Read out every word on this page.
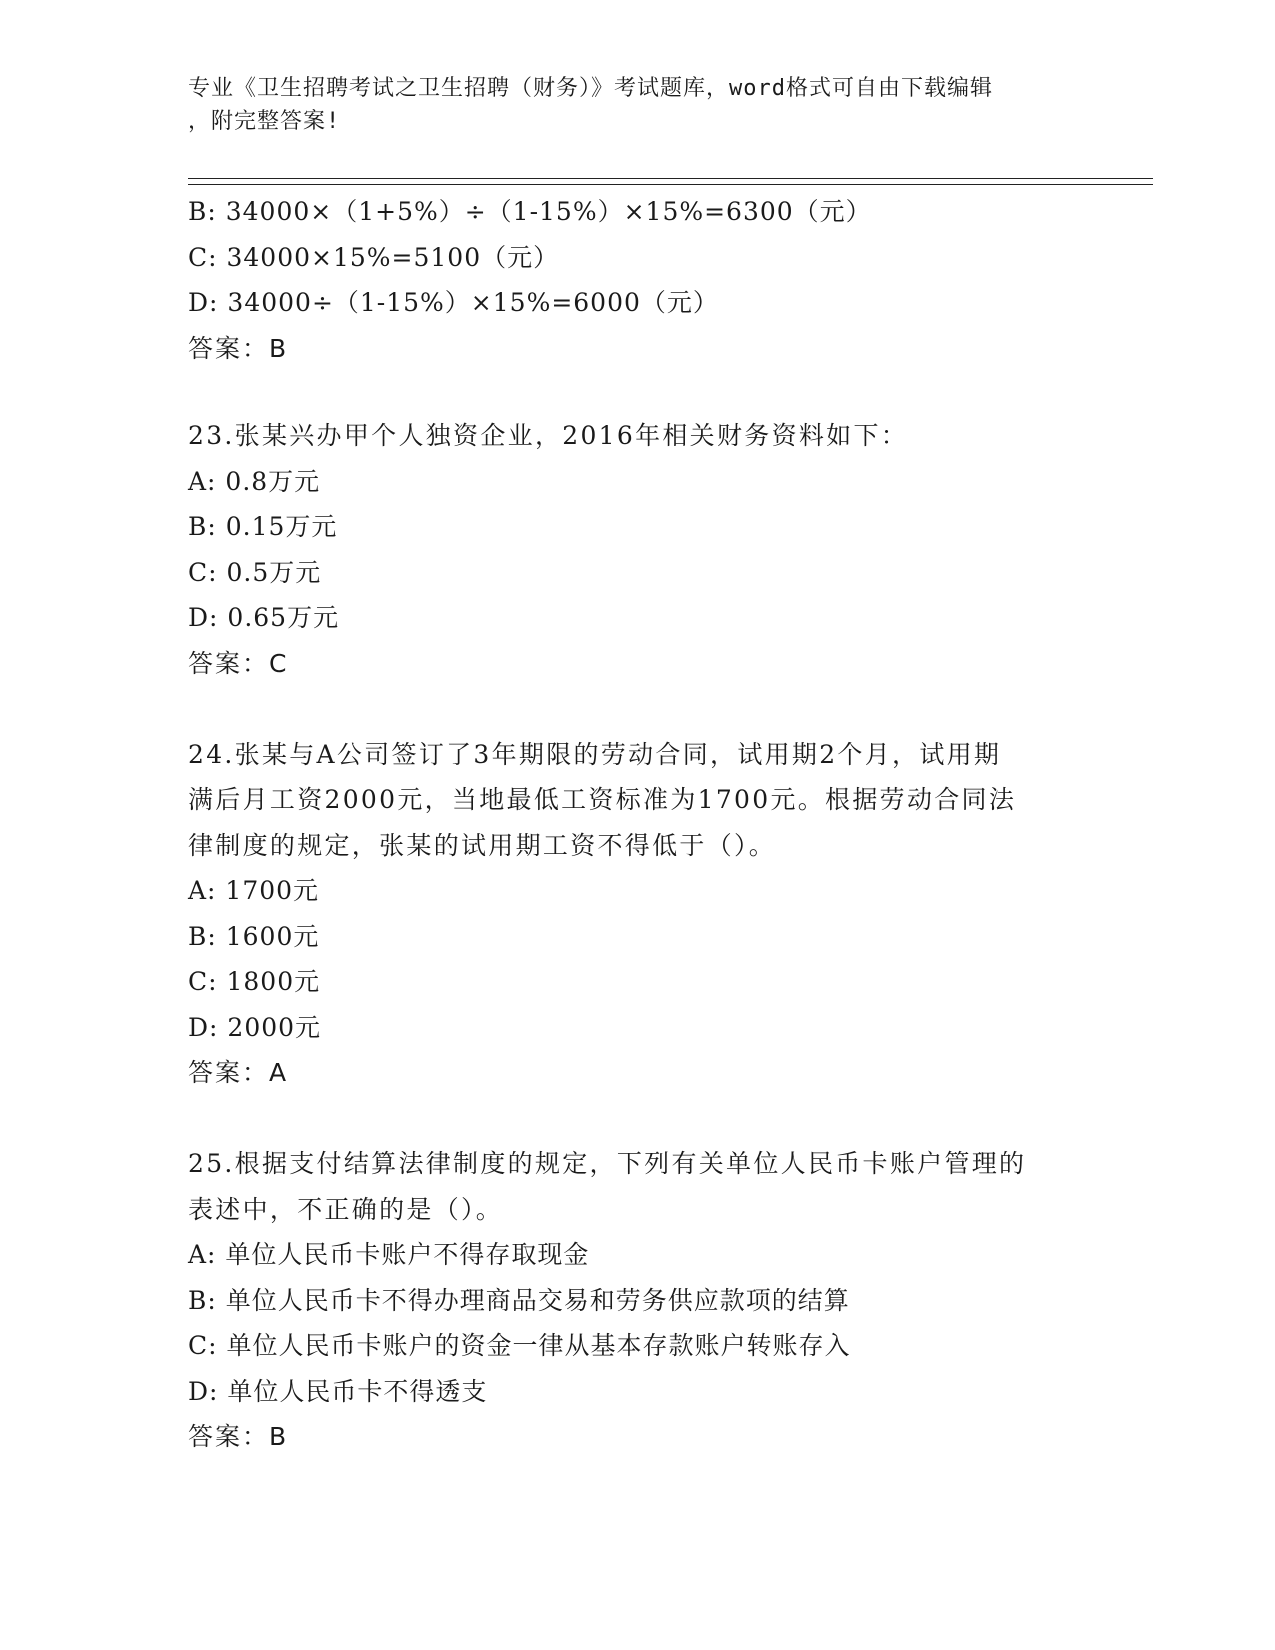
专业《卫生招聘考试之卫生招聘（财务）》考试题库，word格式可自由下载编辑
，附完整答案!
B: 34000×（1+5%）÷（1-15%）×15%=6300（元）
C: 34000×15%=5100（元）
D: 34000÷（1-15%）×15%=6000（元）
答案：B
23.张某兴办甲个人独资企业，2016年相关财务资料如下：
A: 0.8万元
B: 0.15万元
C: 0.5万元
D: 0.65万元
答案：C
24.张某与A公司签订了3年期限的劳动合同，试用期2个月，试用期
满后月工资2000元，当地最低工资标准为1700元。根据劳动合同法
律制度的规定，张某的试用期工资不得低于（）。
A: 1700元
B: 1600元
C: 1800元
D: 2000元
答案：A
25.根据支付结算法律制度的规定，下列有关单位人民币卡账户管理的
表述中，不正确的是（）。
A: 单位人民币卡账户不得存取现金
B: 单位人民币卡不得办理商品交易和劳务供应款项的结算
C: 单位人民币卡账户的资金一律从基本存款账户转账存入
D: 单位人民币卡不得透支
答案：B
